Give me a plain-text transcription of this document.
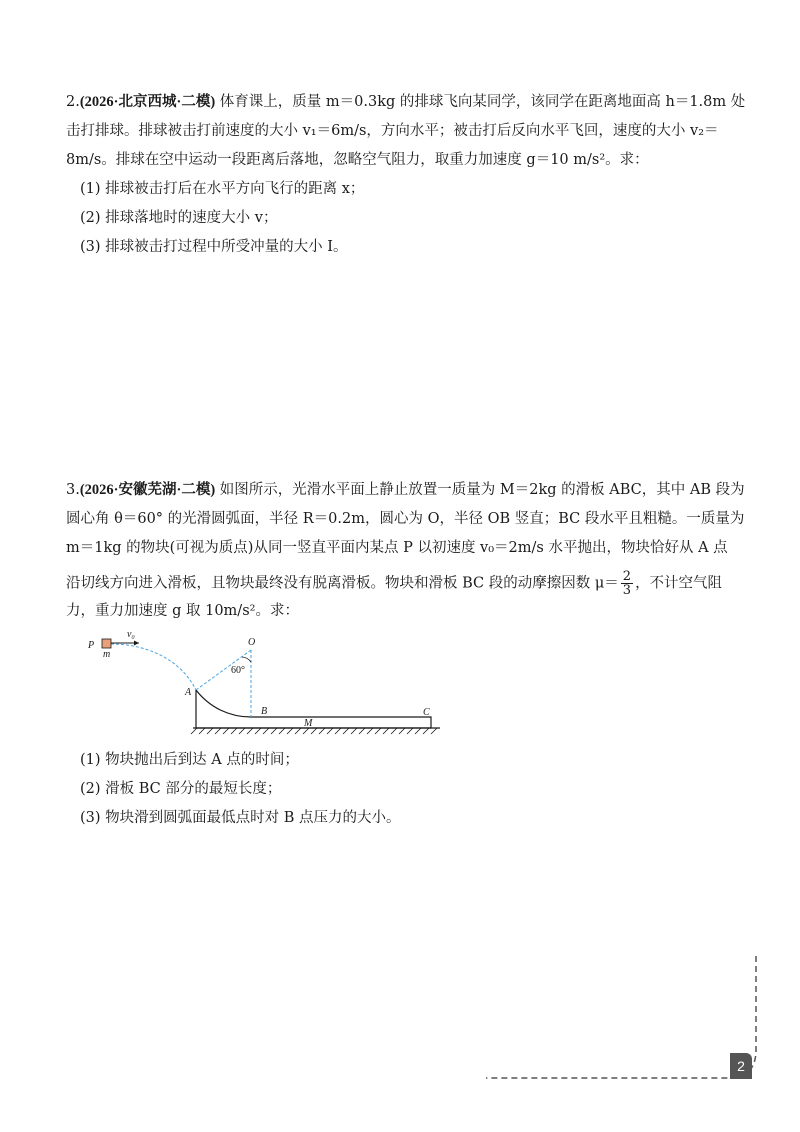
2.(2026·北京西城·二模) 体育课上，质量 m＝0.3kg 的排球飞向某同学，该同学在距离地面高 h＝1.8m 处
击打排球。排球被击打前速度的大小 v₁＝6m/s，方向水平；被击打后反向水平飞回，速度的大小 v₂＝
8m/s。排球在空中运动一段距离后落地，忽略空气阻力，取重力加速度 g＝10 m/s²。求：
(1) 排球被击打后在水平方向飞行的距离 x；
(2) 排球落地时的速度大小 v；
(3) 排球被击打过程中所受冲量的大小 I。
3.(2026·安徽芜湖·二模) 如图所示，光滑水平面上静止放置一质量为 M＝2kg 的滑板 ABC，其中 AB 段为
圆心角 θ＝60° 的光滑圆弧面，半径 R＝0.2m，圆心为 O，半径 OB 竖直；BC 段水平且粗糙。一质量为
m＝1kg 的物块(可视为质点)从同一竖直平面内某点 P 以初速度 v₀＝2m/s 水平抛出，物块恰好从 A 点
沿切线方向进入滑板，且物块最终没有脱离滑板。物块和滑板 BC 段的动摩擦因数 $\mu= \frac{2}{3}$ ，不计空气阻
力，重力加速度 g 取 10m/s²。求：
(1) 物块抛出后到达 A 点的时间；
(2) 滑板 BC 部分的最短长度；
(3) 物块滑到圆弧面最低点时对 B 点压力的大小。
P
m
$v_0$	O
60°
A
B
M
C
2
